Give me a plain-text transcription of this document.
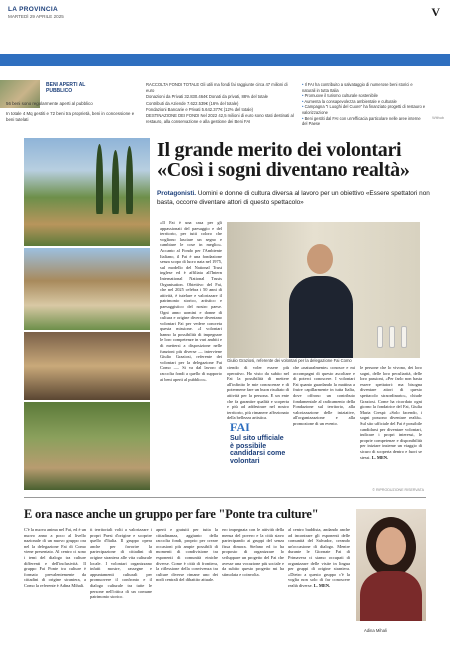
LA PROVINCIA
MARTEDÌ 29 APRILE 2025	V
BENI APERTI AL PUBBLICO
56 beni sono regolarmente aperti al pubblico
In totale 4 Mq gestiti e 72 beni tra proprietà, beni in concessione e beni tutelati
RACCOLTA FONDI TOTALE Gli utili ma fondi fai raggiunte circa 47 milioni di euro
Donazioni da Privati 32.830.464€ Donati da privati, 88% del totale
Contributi da Aziende 7.622.539€ (16% del totale)
Fondazioni Bancarie e Privati 5.642.377€ (12% del totale)
DESTINAZIONE DEI FONDI Nel 2022 42,5 milioni di euro sono stati destinati al restauro, alla conservazione e alla gestione dei Beni FAI
• Il FAI ha contribuito a salvataggio di numerose beni storici e naturali in tutta Italia
• Promuove il turismo culturale sostenibile
• Aumenta la consapevolezza ambientale e culturale
• Campagna "I Luoghi del Cuore" ha finanziato progetti di restauro e valorizzazione
• Beni gestiti dal FAI con un'efficacia particolare nelle aree interne del Paese
Withub
Il grande merito dei volontari
«Così i sogni diventano realtà»
Protagonisti. Uomini e donne di cultura diversa al lavoro per un obiettivo «Essere spettatori non basta, occorre diventare attori di questo spettacolo»
«Il Fai è una casa per gli appassionati del paesaggio e del territorio, per tutti coloro che vogliono lasciare un segno e cambiare le cose in meglio». Accanto al Fondo per l'Ambiente Italiano, il Fai è una fondazione senza scopo di lucro nata nel 1975, sul modello del National Trust inglese ed è affiliata all'Intern International National Trusts Organisation. Obiettivo del Fai, che nel 2025 celebra i 50 anni di attività, è tutelare e valorizzare il patrimonio storico, artistico e paesaggistico del nostro paese. Ogni anno uomini e donne di cultura e origine diverse diventano volontari Fai per vedere concreta questa missione. «I volontari hanno la possibilità di impegnare le loro competenze in vari ambiti e di mettersi a disposizione nelle funzioni più diverse — interviene Giulio Graziosi, referente dei volontari per la delegazione Fai Como —. Si va dal lavoro di raccolta fondi a quello di supporto ai beni aperti al pubblico».
Giulio Graziosi, referente dei volontari per la delegazione Fai Como
ciendo di voler essere più operativo. Ho visto da subito nel Fai la possibilità di mettere all'infinito le mie conoscenze e di potermene fare un buon risultato di attività per la persona. E un ente che fa garantire qualità e scoperta e più ad addestrare nel nostro territorio, più rimanere affezionato della bellezza artistica.
FAI
Sul sito ufficiale è possibile candidarsi come volontari
che «naturalmente» conosce e mi accompagni di questo ascoltare e di poterci conoscere. I volontari Fai quanto guardando la mattina a fruire capillarmente in tutta Italia, dove offrono un contributo fondamentale al radicamento della Fondazione sul territorio, alla valorizzazione delle iniziative, all'organizzazione e alla promozione di un evento.
le persone che lo vivono, dei loro sogni, delle loro peculiarità, delle loro passioni, «Per farlo non basta essere spettatori: ma bisogna diventare attori di questo spettacolo straordinario», chiude Graziosi. Come ha ricordato ogni giorno la fondatrice del Fai, Giulia Maria Crespi: «Solo facendo, i sogni possono diventare realtà». Sul sito ufficiale del Fai è possibile candidarsi per diventare volontari, indicare i propri interessi, le proprie competenze e disponibilità per iniziare insieme un viaggio di sicuro di scoperta dentro e fuori se stessi. L. MEN.
© RIPRODUZIONE RISERVATA
E ora nasce anche un gruppo per fare "Ponte tra culture"
C'è la nuova anima nel Fai, ed è un nuovo anno a poco al livello nazionale di un nuovo gruppo ora nel la delegazione Fai di Como viene presentato. Al centro ci sono i temi del dialogo tra culture differenti e dell'inclusività. Il gruppo Fai Ponte tra culture è formato prevalentemente da cittadini di origine straniera, a Como la referente è Adina Mihali.
ti territoriali volti a valorizzare i propri Paesi d'origine e scoprire quello d'Italia. Il gruppo opera anche per favorire la partecipazione di cittadini di origine straniera alle vita culturale locale. I volontari organizzano infatti mostre, rassegne e appuntamenti culturali per promuovere il confronto e il dialogo culturale tra tutte le persone nell'ottica di un comune patrimonio storico.
aperti e gratuiti per tutta la cittadinanza, aggiunto della raccolta fondi, proprio per creare occasioni più ampie possibili di momenti di condivisione tra esponenti di comunità etniche diverse. Come è città di frontiera, la riflessione della convivenza tra culture diverse rimane uno dei nodi centrali del dibattito attuale.
ero impegnata con le attività della mensa del povero e la città stavo partecipando ai gruppi del senza fissa dimora. Stefano ed io ha proposto di organizzare lo sviluppare un progetto del Fai che avesse una vocazione più sociale e da subito questo progetto mi ha stimolata e coinvolta.
al centro buddista, andando anche ad incontrare gli esponenti delle comunità del Salvador, creando un'occasione di dialogo. Mentre durante le Giornate Fai di Primavera ci siamo occupati di organizzare delle visite in lingua per gruppi di origine straniera. «Dietro a questo gruppo c'è la voglia non solo di far conoscere realtà diverse. L. MEN.
Adina Mihali
